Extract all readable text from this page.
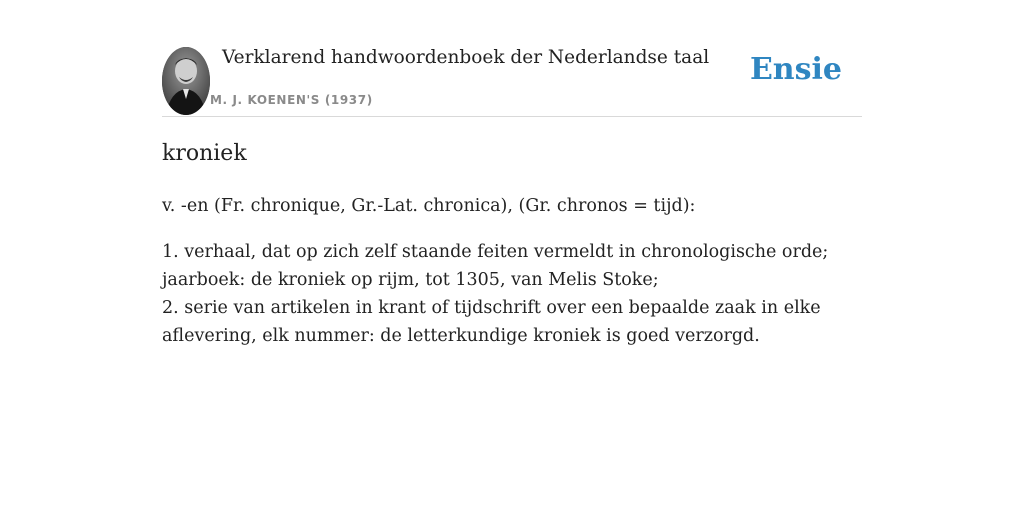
Verklarend handwoordenboek der Nederlandse taal
M. J. KOENEN'S (1937)
Ensie
kroniek

v. -en (Fr. chronique, Gr.-Lat. chronica), (Gr. chronos = tijd):

1. verhaal, dat op zich zelf staande feiten vermeldt in chronologische orde; jaarboek: de kroniek op rijm, tot 1305, van Melis Stoke;
2. serie van artikelen in krant of tijdschrift over een bepaalde zaak in elke aflevering, elk nummer: de letterkundige kroniek is goed verzorgd.
